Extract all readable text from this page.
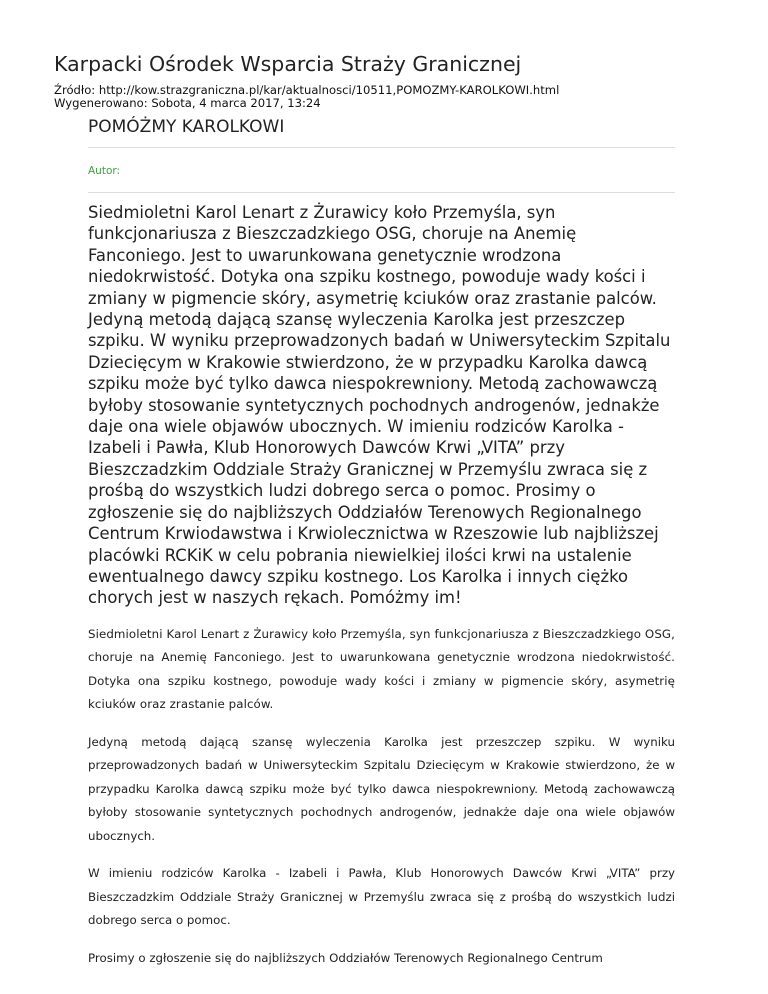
Karpacki Ośrodek Wsparcia Straży Granicznej
Źródło: http://kow.strazgraniczna.pl/kar/aktualnosci/10511,POMOZMY-KAROLKOWI.html
Wygenerowano: Sobota, 4 marca 2017, 13:24
POMÓŻMY KAROLKOWI
Autor:

Siedmioletni Karol Lenart z Żurawicy koło Przemyśla, syn funkcjonariusza z Bieszczadzkiego OSG, choruje na Anemię Fanconiego. Jest to uwarunkowana genetycznie wrodzona niedokrwistość. Dotyka ona szpiku kostnego, powoduje wady kości i zmiany w pigmencie skóry, asymetrię kciuków oraz zrastanie palców. Jedyną metodą dającą szansę wyleczenia Karolka jest przeszczep szpiku. W wyniku przeprowadzonych badań w Uniwersyteckim Szpitalu Dziecięcym w Krakowie stwierdzono, że w przypadku Karolka dawcą szpiku może być tylko dawca niespokrewniony. Metodą zachowawczą byłoby stosowanie syntetycznych pochodnych androgenów, jednakże daje ona wiele objawów ubocznych. W imieniu rodziców Karolka - Izabeli i Pawła, Klub Honorowych Dawców Krwi „VITA” przy Bieszczadzkim Oddziale Straży Granicznej w Przemyślu zwraca się z prośbą do wszystkich ludzi dobrego serca o pomoc. Prosimy o zgłoszenie się do najbliższych Oddziałów Terenowych Regionalnego Centrum Krwiodawstwa i Krwiolecznictwa w Rzeszowie lub najbliższej placówki RCKiK w celu pobrania niewielkiej ilości krwi na ustalenie ewentualnego dawcy szpiku kostnego. Los Karolka i innych ciężko chorych jest w naszych rękach. Pomóżmy im!

Siedmioletni Karol Lenart z Żurawicy koło Przemyśla, syn funkcjonariusza z Bieszczadzkiego OSG, choruje na Anemię Fanconiego. Jest to uwarunkowana genetycznie wrodzona niedokrwistość. Dotyka ona szpiku kostnego, powoduje wady kości i zmiany w pigmencie skóry, asymetrię kciuków oraz zrastanie palców.

Jedyną metodą dającą szansę wyleczenia Karolka jest przeszczep szpiku. W wyniku przeprowadzonych badań w Uniwersyteckim Szpitalu Dziecięcym w Krakowie stwierdzono, że w przypadku Karolka dawcą szpiku może być tylko dawca niespokrewniony. Metodą zachowawczą byłoby stosowanie syntetycznych pochodnych androgenów, jednakże daje ona wiele objawów ubocznych.

W imieniu rodziców Karolka - Izabeli i Pawła, Klub Honorowych Dawców Krwi „VITA” przy Bieszczadzkim Oddziale Straży Granicznej w Przemyślu zwraca się z prośbą do wszystkich ludzi dobrego serca o pomoc.

Prosimy o zgłoszenie się do najbliższych Oddziałów Terenowych Regionalnego Centrum
